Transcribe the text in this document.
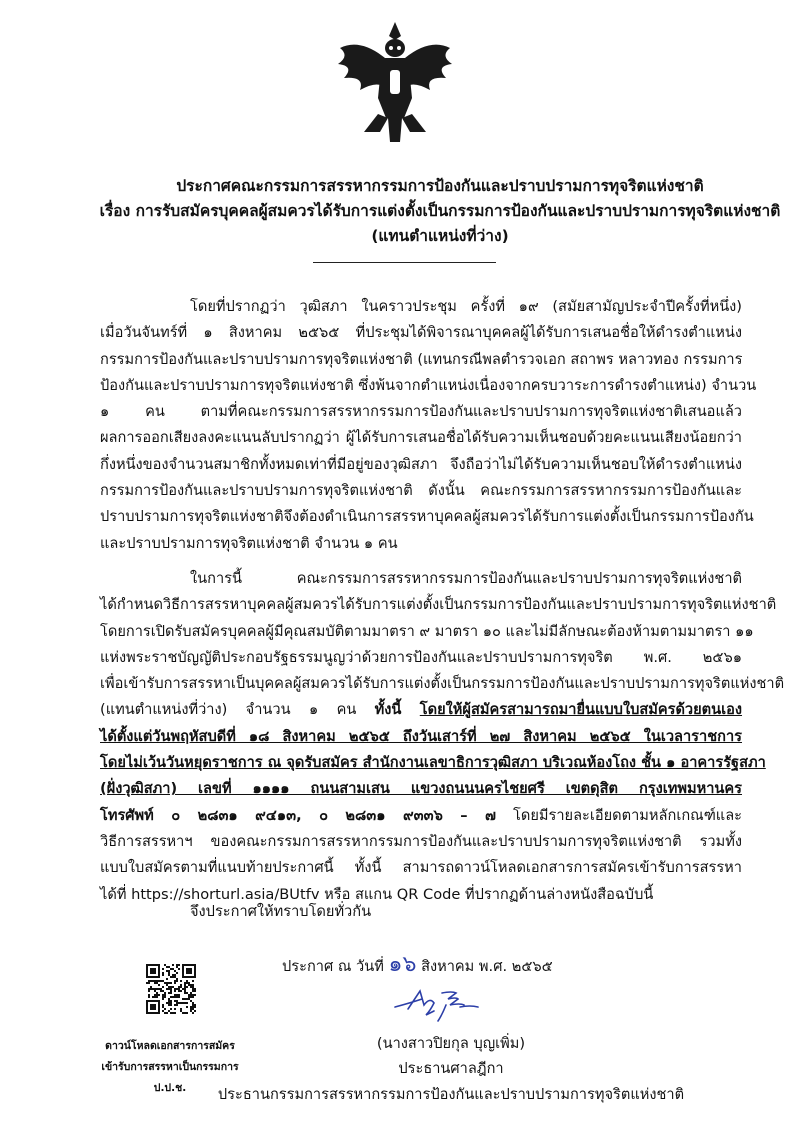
ประกาศคณะกรรมการสรรหากรรมการป้องกันและปราบปรามการทุจริตแห่งชาติ
เรื่อง การรับสมัครบุคคลผู้สมควรได้รับการแต่งตั้งเป็นกรรมการป้องกันและปราบปรามการทุจริตแห่งชาติ
(แทนตำแหน่งที่ว่าง)
โดยที่ปรากฏว่า วุฒิสภา ในคราวประชุม ครั้งที่ ๑๙ (สมัยสามัญประจำปีครั้งที่หนึ่ง)
เมื่อวันจันทร์ที่ ๑ สิงหาคม ๒๕๖๕ ที่ประชุมได้พิจารณาบุคคลผู้ได้รับการเสนอชื่อให้ดำรงตำแหน่ง
กรรมการป้องกันและปราบปรามการทุจริตแห่งชาติ (แทนกรณีพลตำรวจเอก สถาพร หลาวทอง กรรมการ
ป้องกันและปราบปรามการทุจริตแห่งชาติ ซึ่งพ้นจากตำแหน่งเนื่องจากครบวาระการดำรงตำแหน่ง) จำนวน
๑ คน ตามที่คณะกรรมการสรรหากรรมการป้องกันและปราบปรามการทุจริตแห่งชาติเสนอแล้ว
ผลการออกเสียงลงคะแนนลับปรากฏว่า ผู้ได้รับการเสนอชื่อได้รับความเห็นชอบด้วยคะแนนเสียงน้อยกว่า
กึ่งหนึ่งของจำนวนสมาชิกทั้งหมดเท่าที่มีอยู่ของวุฒิสภา จึงถือว่าไม่ได้รับความเห็นชอบให้ดำรงตำแหน่ง
กรรมการป้องกันและปราบปรามการทุจริตแห่งชาติ ดังนั้น คณะกรรมการสรรหากรรมการป้องกันและ
ปราบปรามการทุจริตแห่งชาติจึงต้องดำเนินการสรรหาบุคคลผู้สมควรได้รับการแต่งตั้งเป็นกรรมการป้องกัน
และปราบปรามการทุจริตแห่งชาติ จำนวน ๑ คน
ในการนี้ คณะกรรมการสรรหากรรมการป้องกันและปราบปรามการทุจริตแห่งชาติ
ได้กำหนดวิธีการสรรหาบุคคลผู้สมควรได้รับการแต่งตั้งเป็นกรรมการป้องกันและปราบปรามการทุจริตแห่งชาติ
โดยการเปิดรับสมัครบุคคลผู้มีคุณสมบัติตามมาตรา ๙ มาตรา ๑๐ และไม่มีลักษณะต้องห้ามตามมาตรา ๑๑
แห่งพระราชบัญญัติประกอบรัฐธรรมนูญว่าด้วยการป้องกันและปราบปรามการทุจริต พ.ศ. ๒๕๖๑
เพื่อเข้ารับการสรรหาเป็นบุคคลผู้สมควรได้รับการแต่งตั้งเป็นกรรมการป้องกันและปราบปรามการทุจริตแห่งชาติ
(แทนตำแหน่งที่ว่าง) จำนวน ๑ คน ทั้งนี้ โดยให้ผู้สมัครสามารถมายื่นแบบใบสมัครด้วยตนเอง
ได้ตั้งแต่วันพฤหัสบดีที่ ๑๘ สิงหาคม ๒๕๖๕ ถึงวันเสาร์ที่ ๒๗ สิงหาคม ๒๕๖๕ ในเวลาราชการ
โดยไม่เว้นวันหยุดราชการ ณ จุดรับสมัคร สำนักงานเลขาธิการวุฒิสภา บริเวณห้องโถง ชั้น ๑ อาคารรัฐสภา
(ฝั่งวุฒิสภา) เลขที่ ๑๑๑๑ ถนนสามเสน แขวงถนนนครไชยศรี เขตดุสิต กรุงเทพมหานคร
โทรศัพท์ ๐ ๒๘๓๑ ๙๔๑๓, ๐ ๒๘๓๑ ๙๓๓๖ – ๗ โดยมีรายละเอียดตามหลักเกณฑ์และ
วิธีการสรรหาฯ ของคณะกรรมการสรรหากรรมการป้องกันและปราบปรามการทุจริตแห่งชาติ รวมทั้ง
แบบใบสมัครตามที่แนบท้ายประกาศนี้ ทั้งนี้ สามารถดาวน์โหลดเอกสารการสมัครเข้ารับการสรรหา
ได้ที่ https://shorturl.asia/BUtfv หรือ สแกน QR Code ที่ปรากฏด้านล่างหนังสือฉบับนี้
จึงประกาศให้ทราบโดยทั่วกัน
ประกาศ ณ วันที่ ๑๖ สิงหาคม พ.ศ. ๒๕๖๕
ดาวน์โหลดเอกสารการสมัคร
เข้ารับการสรรหาเป็นกรรมการ ป.ป.ช.
(นางสาวปิยกุล บุญเพิ่ม)
ประธานศาลฎีกา
ประธานกรรมการสรรหากรรมการป้องกันและปราบปรามการทุจริตแห่งชาติ
